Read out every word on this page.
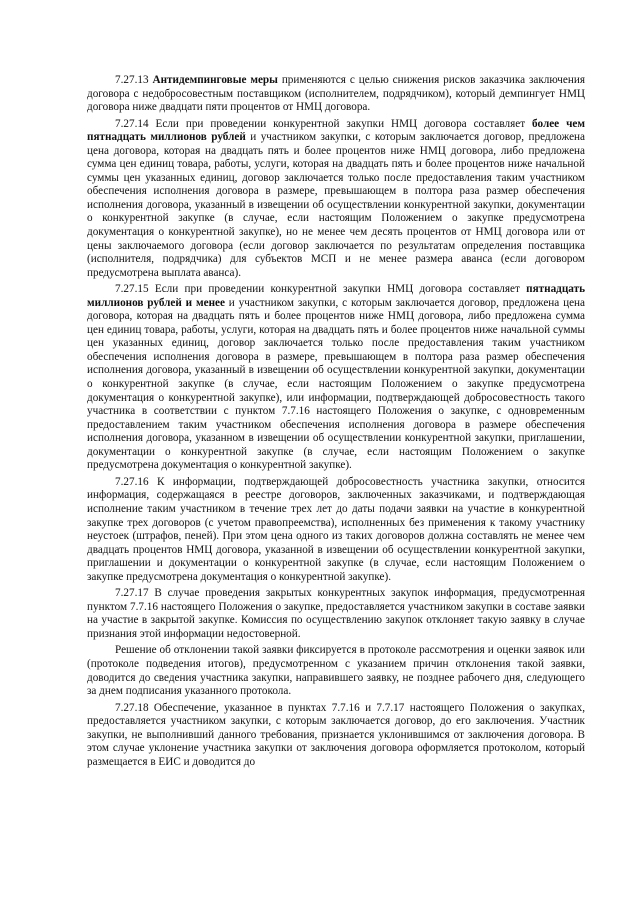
7.27.13 Антидемпинговые меры применяются с целью снижения рисков заказчика заключения договора с недобросовестным поставщиком (исполнителем, подрядчиком), который демпингует НМЦ договора ниже двадцати пяти процентов от НМЦ договора.

7.27.14 Если при проведении конкурентной закупки НМЦ договора составляет более чем пятнадцать миллионов рублей и участником закупки, с которым заключается договор, предложена цена договора, которая на двадцать пять и более процентов ниже НМЦ договора, либо предложена сумма цен единиц товара, работы, услуги, которая на двадцать пять и более процентов ниже начальной суммы цен указанных единиц, договор заключается только после предоставления таким участником обеспечения исполнения договора в размере, превышающем в полтора раза размер обеспечения исполнения договора, указанный в извещении об осуществлении конкурентной закупки, документации о конкурентной закупке (в случае, если настоящим Положением о закупке предусмотрена документация о конкурентной закупке), но не менее чем десять процентов от НМЦ договора или от цены заключаемого договора (если договор заключается по результатам определения поставщика (исполнителя, подрядчика) для субъектов МСП и не менее размера аванса (если договором предусмотрена выплата аванса).

7.27.15 Если при проведении конкурентной закупки НМЦ договора составляет пятнадцать миллионов рублей и менее и участником закупки, с которым заключается договор, предложена цена договора, которая на двадцать пять и более процентов ниже НМЦ договора, либо предложена сумма цен единиц товара, работы, услуги, которая на двадцать пять и более процентов ниже начальной суммы цен указанных единиц, договор заключается только после предоставления таким участником обеспечения исполнения договора в размере, превышающем в полтора раза размер обеспечения исполнения договора, указанный в извещении об осуществлении конкурентной закупки, документации о конкурентной закупке (в случае, если настоящим Положением о закупке предусмотрена документация о конкурентной закупке), или информации, подтверждающей добросовестность такого участника в соответствии с пунктом 7.7.16 настоящего Положения о закупке, с одновременным предоставлением таким участником обеспечения исполнения договора в размере обеспечения исполнения договора, указанном в извещении об осуществлении конкурентной закупки, приглашении, документации о конкурентной закупке (в случае, если настоящим Положением о закупке предусмотрена документация о конкурентной закупке).

7.27.16 К информации, подтверждающей добросовестность участника закупки, относится информация, содержащаяся в реестре договоров, заключенных заказчиками, и подтверждающая исполнение таким участником в течение трех лет до даты подачи заявки на участие в конкурентной закупке трех договоров (с учетом правопреемства), исполненных без применения к такому участнику неустоек (штрафов, пеней). При этом цена одного из таких договоров должна составлять не менее чем двадцать процентов НМЦ договора, указанной в извещении об осуществлении конкурентной закупки, приглашении и документации о конкурентной закупке (в случае, если настоящим Положением о закупке предусмотрена документация о конкурентной закупке).

7.27.17 В случае проведения закрытых конкурентных закупок информация, предусмотренная пунктом 7.7.16 настоящего Положения о закупке, предоставляется участником закупки в составе заявки на участие в закрытой закупке. Комиссия по осуществлению закупок отклоняет такую заявку в случае признания этой информации недостоверной.

Решение об отклонении такой заявки фиксируется в протоколе рассмотрения и оценки заявок или (протоколе подведения итогов), предусмотренном с указанием причин отклонения такой заявки, доводится до сведения участника закупки, направившего заявку, не позднее рабочего дня, следующего за днем подписания указанного протокола.

7.27.18 Обеспечение, указанное в пунктах 7.7.16 и 7.7.17 настоящего Положения о закупках, предоставляется участником закупки, с которым заключается договор, до его заключения. Участник закупки, не выполнивший данного требования, признается уклонившимся от заключения договора. В этом случае уклонение участника закупки от заключения договора оформляется протоколом, который размещается в ЕИС и доводится до
